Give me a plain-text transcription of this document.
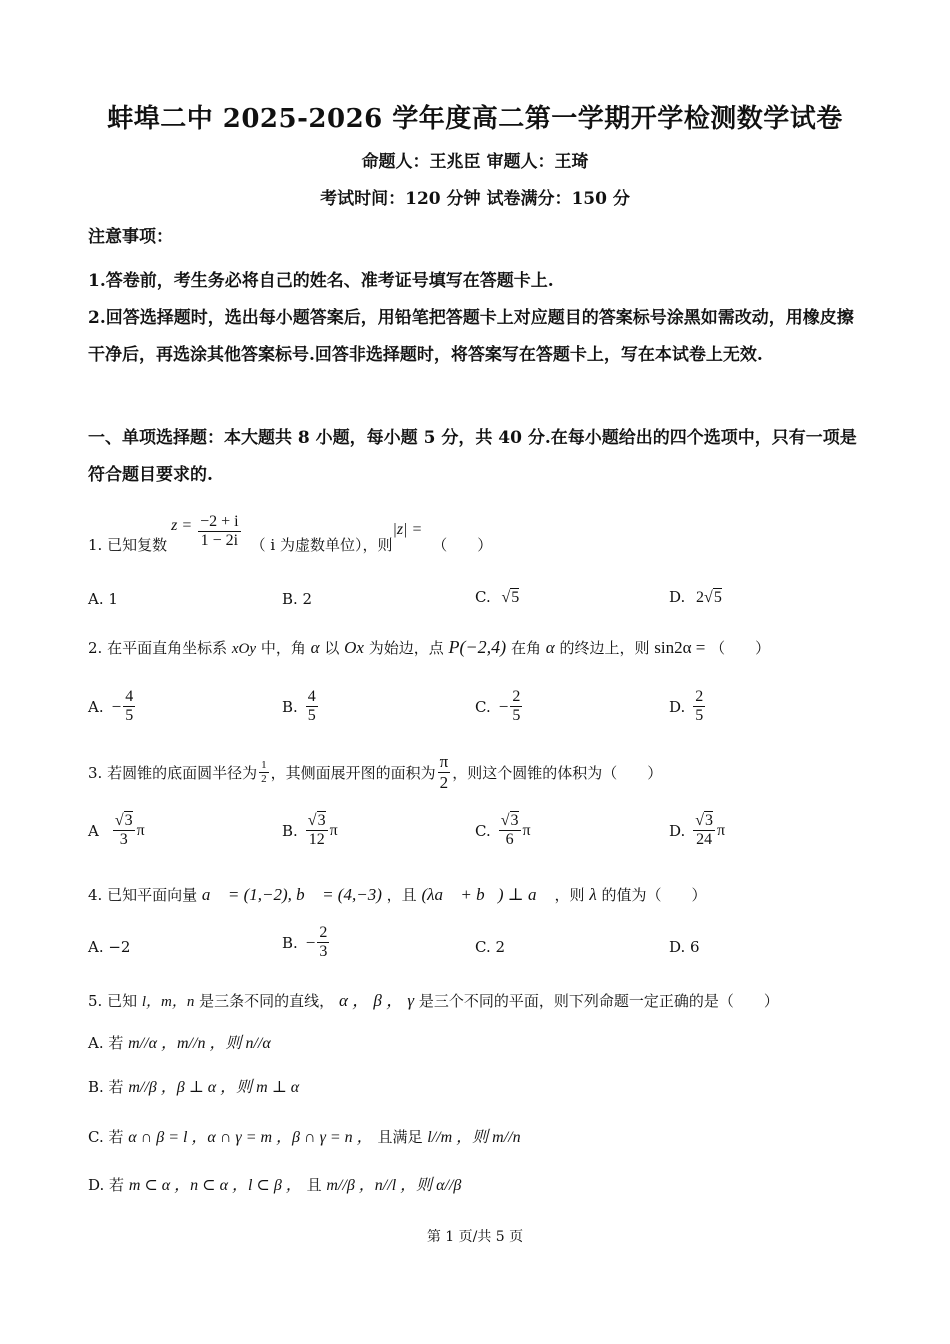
蚌埠二中 2025-2026 学年度高二第一学期开学检测数学试卷
命题人：王兆臣 审题人：王琦
考试时间：120 分钟 试卷满分：150 分
注意事项：
1.答卷前，考生务必将自己的姓名、准考证号填写在答题卡上.
2.回答选择题时，选出每小题答案后，用铅笔把答题卡上对应题目的答案标号涂黑如需改动，用橡皮擦干净后，再选涂其他答案标号.回答非选择题时，将答案写在答题卡上，写在本试卷上无效.
一、单项选择题：本大题共 8 小题，每小题 5 分，共 40 分.在每小题给出的四个选项中，只有一项是符合题目要求的.
1. 已知复数
$z = \frac{-2 + i}{1 - 2i}$ （ i 为虚数单位），则
|z| =
（　　）
A. 1	B. 2	C. √5	D. 2√5
2. 在平面直角坐标系 xOy 中，角 α 以 Ox 为始边，点 P(−2,4) 在角 α 的终边上，则 sin2α = （　　）
A. − $\frac{4}{5}$	B. $\frac{4}{5}$	C. − $\frac{2}{5}$	D. $\frac{2}{5}$
3. 若圆锥的底面圆半径为 $\frac{1}{2}$ ，其侧面展开图的面积为 $\frac{\pi}{2}$ ，则这个圆锥的体积为（　　）
A $\frac{√3}{3}$ π	B. $\frac{√3}{12}$ π	C. $\frac{√3}{6}$ π	D. $\frac{√3}{24}$ π
4. 已知平面向量 a⃗ = (1,−2), b⃗ = (4,−3) ，且 (λa⃗ + b⃗) ⊥ a⃗ ，则 λ 的值为（　　）
A. −2	B. − $\frac{2}{3}$	C. 2	D. 6
5. 已知 l，m，n 是三条不同的直线， α ， β ， γ 是三个不同的平面，则下列命题一定正确的是（　　）
A. 若 m//α ，m//n ，则 n//α
B. 若 m//β ，β ⊥ α ，则 m ⊥ α
C. 若 α ∩ β = l ，α ∩ γ = m ，β ∩ γ = n ， 且满足 l//m ，则 m//n
D. 若 m ⊂ α ，n ⊂ α ，l ⊂ β ， 且 m//β ，n//l ，则 α//β
第 1 页/共 5 页
